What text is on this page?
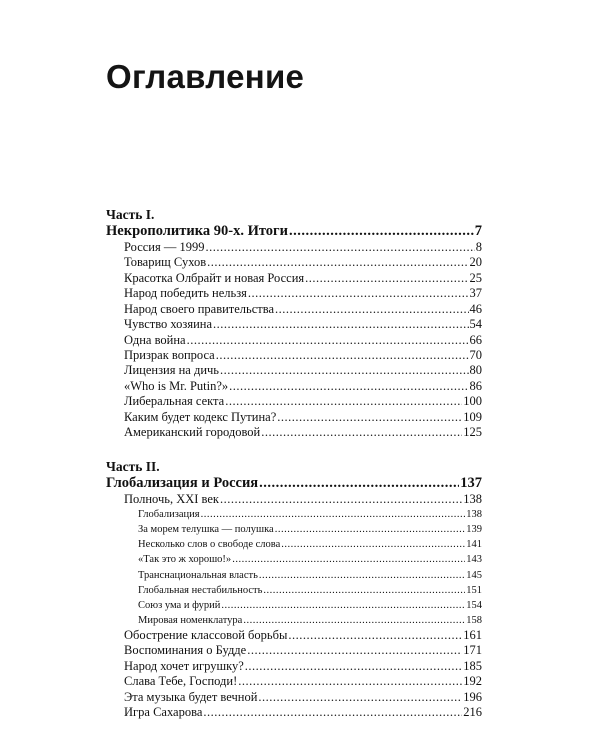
Оглавление
Часть I.
Некрополитика 90-х. Итоги .....	7
Россия — 1999 .....	8
Товарищ Сухов .....	20
Красотка Олбрайт и новая Россия .....	25
Народ победить нельзя .....	37
Народ своего правительства .....	46
Чувство хозяина .....	54
Одна война .....	66
Призрак вопроса .....	70
Лицензия на дичь .....	80
«Who is Mr. Putin?» .....	86
Либеральная секта .....	100
Каким будет кодекс Путина? .....	109
Американский городовой .....	125
Часть II.
Глобализация и Россия .....	137
Полночь, XXI век .....	138
Глобализация .....	138
За морем телушка — полушка .....	139
Несколько слов о свободе слова .....	141
«Так это ж хорошо!» .....	143
Транснациональная власть .....	145
Глобальная нестабильность .....	151
Союз ума и фурий .....	154
Мировая номенклатура .....	158
Обострение классовой борьбы .....	161
Воспоминания о Будде .....	171
Народ хочет игрушку? .....	185
Слава Тебе, Господи! .....	192
Эта музыка будет вечной .....	196
Игра Сахарова .....	216
